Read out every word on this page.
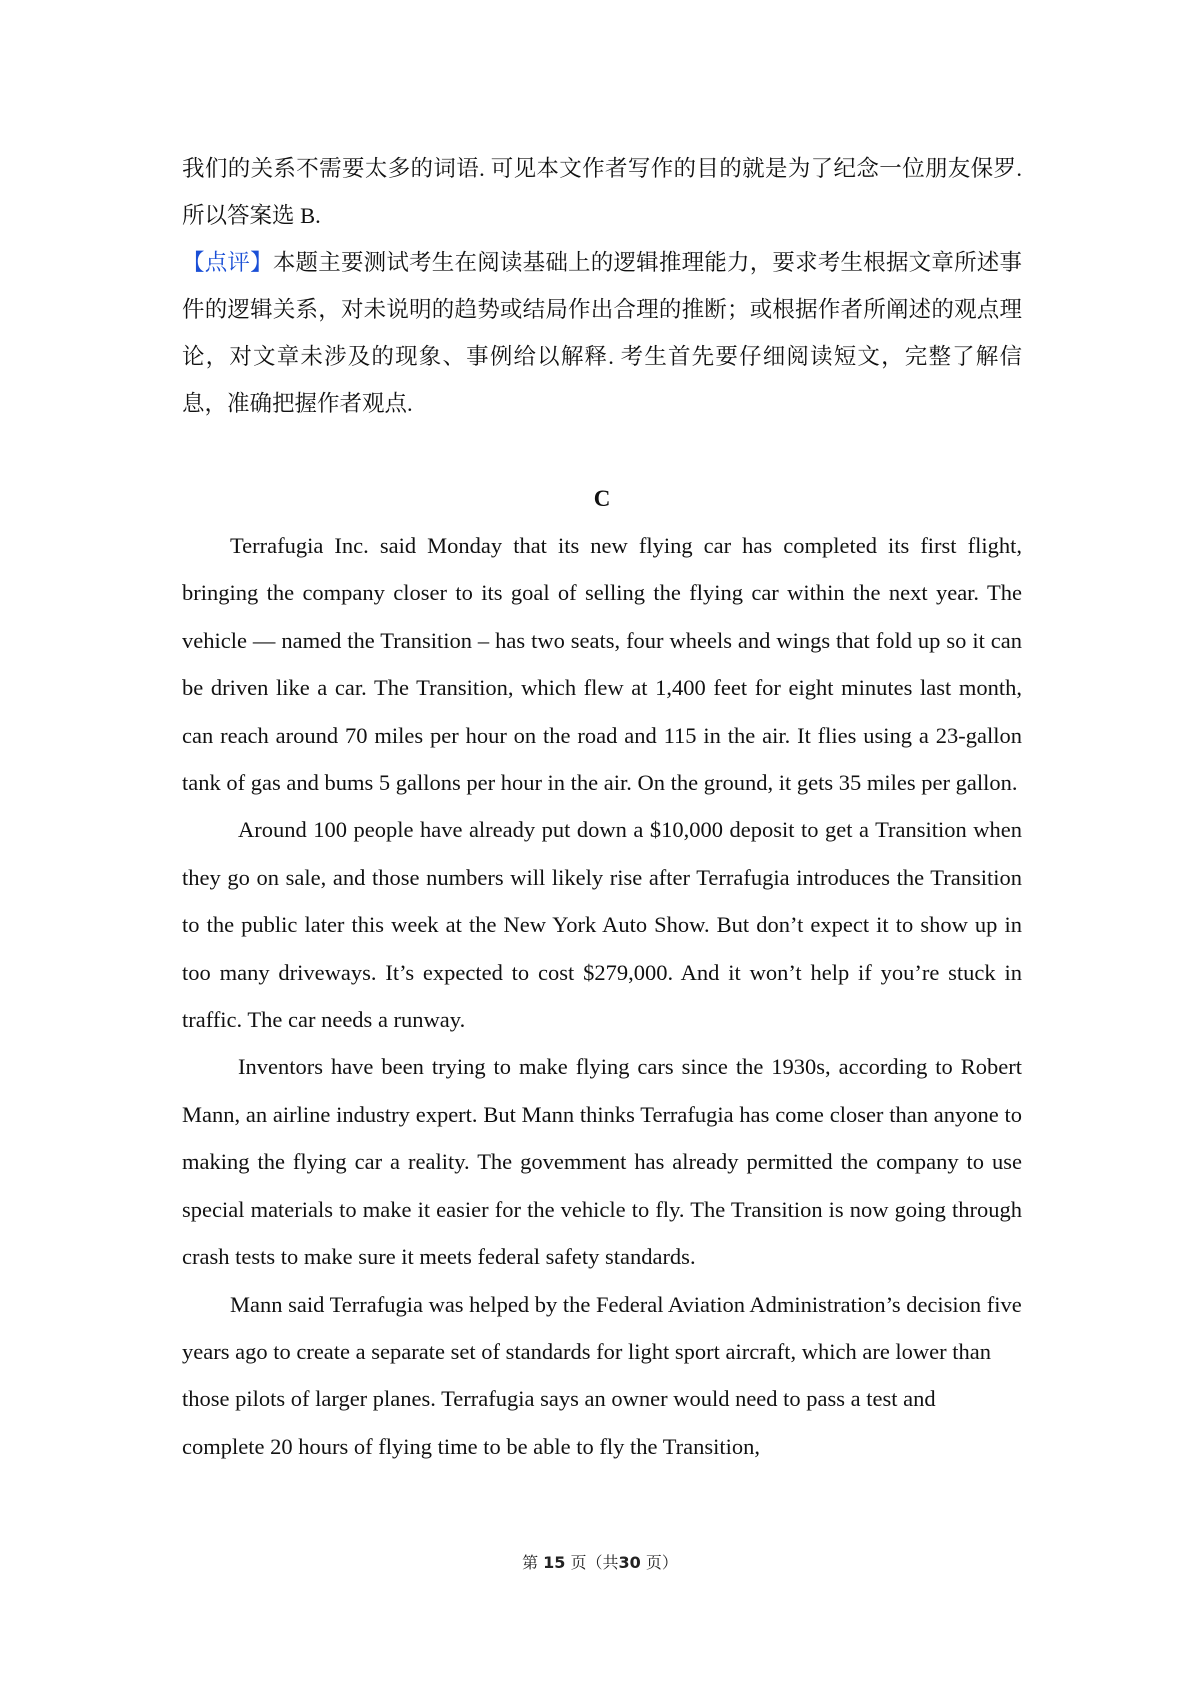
我们的关系不需要太多的词语. 可见本文作者写作的目的就是为了纪念一位朋友保罗. 所以答案选 B.

【点评】本题主要测试考生在阅读基础上的逻辑推理能力，要求考生根据文章所述事件的逻辑关系，对未说明的趋势或结局作出合理的推断；或根据作者所阐述的观点理论，对文章未涉及的现象、事例给以解释. 考生首先要仔细阅读短文，完整了解信息，准确把握作者观点.

C

Terrafugia Inc. said Monday that its new flying car has completed its first flight, bringing the company closer to its goal of selling the flying car within the next year. The vehicle — named the Transition – has two seats, four wheels and wings that fold up so it can be driven like a car. The Transition, which flew at 1,400 feet for eight minutes last month, can reach around 70 miles per hour on the road and 115 in the air. It flies using a 23-gallon tank of gas and bums 5 gallons per hour in the air. On the ground, it gets 35 miles per gallon.

Around 100 people have already put down a $10,000 deposit to get a Transition when they go on sale, and those numbers will likely rise after Terrafugia introduces the Transition to the public later this week at the New York Auto Show. But don’t expect it to show up in too many driveways. It’s expected to cost $279,000. And it won’t help if you’re stuck in traffic. The car needs a runway.

Inventors have been trying to make flying cars since the 1930s, according to Robert Mann, an airline industry expert. But Mann thinks Terrafugia has come closer than anyone to making the flying car a reality. The govemment has already permitted the company to use special materials to make it easier for the vehicle to fly. The Transition is now going through crash tests to make sure it meets federal safety standards.

Mann said Terrafugia was helped by the Federal Aviation Administration’s decision five years ago to create a separate set of standards for light sport aircraft, which are lower than those pilots of larger planes. Terrafugia says an owner would need to pass a test and complete 20 hours of flying time to be able to fly the Transition,

第 15 页（共30 页）
